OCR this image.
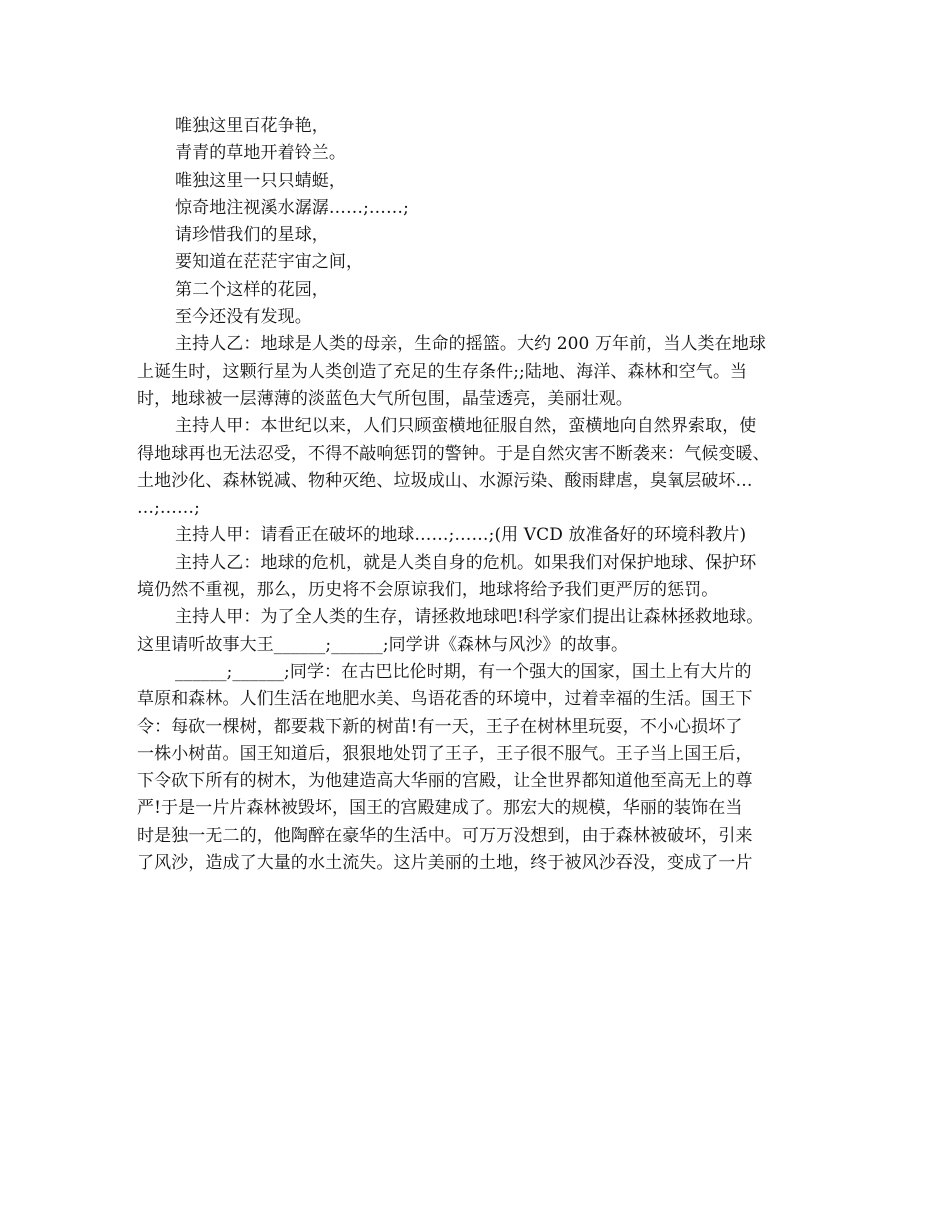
唯独这里百花争艳，
青青的草地开着铃兰。
唯独这里一只只蜻蜓，
惊奇地注视溪水潺潺……;……;
请珍惜我们的星球，
要知道在茫茫宇宙之间，
第二个这样的花园，
至今还没有发现。
主持人乙：地球是人类的母亲，生命的摇篮。大约 200 万年前，当人类在地球
上诞生时，这颗行星为人类创造了充足的生存条件;;陆地、海洋、森林和空气。当
时，地球被一层薄薄的淡蓝色大气所包围，晶莹透亮，美丽壮观。
主持人甲：本世纪以来，人们只顾蛮横地征服自然，蛮横地向自然界索取，使
得地球再也无法忍受，不得不敲响惩罚的警钟。于是自然灾害不断袭来：气候变暖、
土地沙化、森林锐减、物种灭绝、垃圾成山、水源污染、酸雨肆虐，臭氧层破坏…
…;……;
主持人甲：请看正在破坏的地球……;……;(用 VCD 放准备好的环境科教片)
主持人乙：地球的危机，就是人类自身的危机。如果我们对保护地球、保护环
境仍然不重视，那么，历史将不会原谅我们，地球将给予我们更严厉的惩罚。
主持人甲：为了全人类的生存，请拯救地球吧!科学家们提出让森林拯救地球。
这里请听故事大王______;______;同学讲《森林与风沙》的故事。
______;______;同学：在古巴比伦时期，有一个强大的国家，国土上有大片的
草原和森林。人们生活在地肥水美、鸟语花香的环境中，过着幸福的生活。国王下
令：每砍一棵树，都要栽下新的树苗!有一天，王子在树林里玩耍，不小心损坏了
一株小树苗。国王知道后，狠狠地处罚了王子，王子很不服气。王子当上国王后，
下令砍下所有的树木，为他建造高大华丽的宫殿，让全世界都知道他至高无上的尊
严!于是一片片森林被毁坏，国王的宫殿建成了。那宏大的规模，华丽的装饰在当
时是独一无二的，他陶醉在豪华的生活中。可万万没想到，由于森林被破坏，引来
了风沙，造成了大量的水土流失。这片美丽的土地，终于被风沙吞没，变成了一片
